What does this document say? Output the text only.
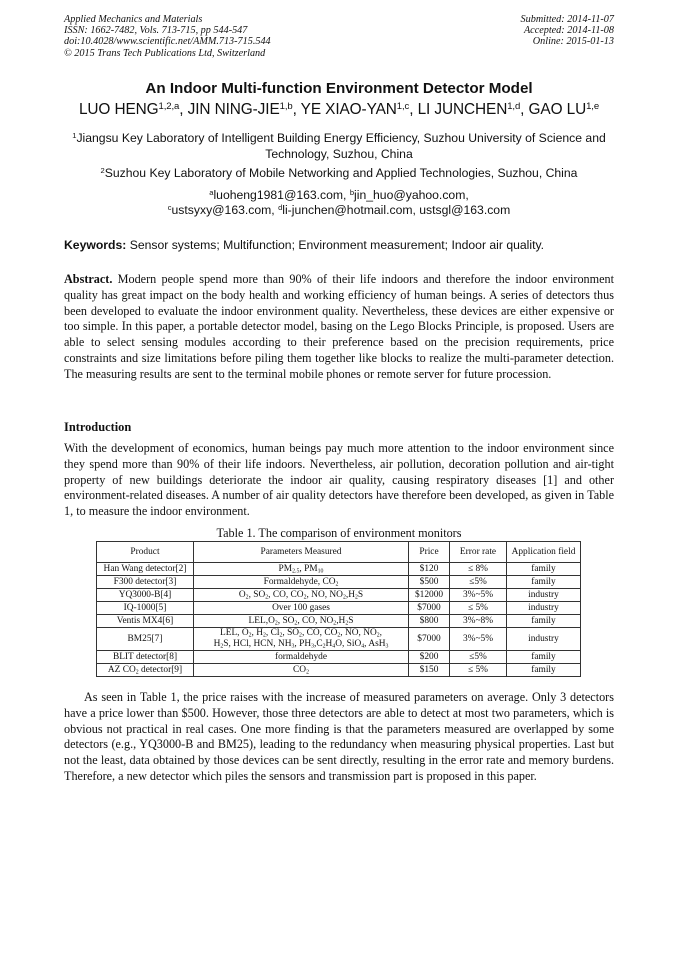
Applied Mechanics and Materials
ISSN: 1662-7482, Vols. 713-715, pp 544-547
doi:10.4028/www.scientific.net/AMM.713-715.544
© 2015 Trans Tech Publications Ltd, Switzerland
Submitted: 2014-11-07
Accepted: 2014-11-08
Online: 2015-01-13
An Indoor Multi-function Environment Detector Model
LUO HENG$^{1,2,a}$, JIN NING-JIE$^{1,b}$, YE XIAO-YAN$^{1,c}$, LI JUNCHEN$^{1,d}$, GAO LU$^{1,e}$
$^1$Jiangsu Key Laboratory of Intelligent Building Energy Efficiency, Suzhou University of Science and Technology, Suzhou, China
$^2$Suzhou Key Laboratory of Mobile Networking and Applied Technologies, Suzhou, China
$^a$luoheng1981@163.com, $^b$jin_huo@yahoo.com,
$^c$ustsyxy@163.com, $^d$li-junchen@hotmail.com, ustsgl@163.com
Keywords: Sensor systems; Multifunction; Environment measurement; Indoor air quality.
Abstract. Modern people spend more than 90% of their life indoors and therefore the indoor environment quality has great impact on the body health and working efficiency of human beings. A series of detectors thus been developed to evaluate the indoor environment quality. Nevertheless, these devices are either expensive or too simple. In this paper, a portable detector model, basing on the Lego Blocks Principle, is proposed. Users are able to select sensing modules according to their preference based on the precision requirements, price constraints and size limitations before piling them together like blocks to realize the multi-parameter detection. The measuring results are sent to the terminal mobile phones or remote server for future procession.
Introduction
With the development of economics, human beings pay much more attention to the indoor environment since they spend more than 90% of their life indoors. Nevertheless, air pollution, decoration pollution and air-tight property of new buildings deteriorate the indoor air quality, causing respiratory diseases [1] and other environment-related diseases. A number of air quality detectors have therefore been developed, as given in Table 1, to measure the indoor environment.
Table 1. The comparison of environment monitors
Product	Parameters Measured	Price	Error rate	Application field
Han Wang detector[2]	$PM_{2.5}$, $PM_{10}$	$120	≤ 8%	family
F300 detector[3]	Formaldehyde, $CO_2$	$500	≤5%	family
YQ3000-B[4]	$O_2$, $SO_2$, CO, $CO_2$, NO, $NO_2,H_2S$	$12000	3%~5%	industry
IQ-1000[5]	Over 100 gases	$7000	≤ 5%	industry
Ventis MX4[6]	$LEL,O_2$, $SO_2$, CO, $NO_2,H_2S$	$800	3%~8%	family
BM25[7]	LEL, $O_2$, $H_2$, $Cl_2$, $SO_2$, CO, $CO_2$, NO, $NO_2$,
$H_2S$, HCl, HCN, $NH_3$, $PH_3,C_2H_4O$, SiO$_4$, AsH$_3$	$7000	3%~5%	industry
BLIT detector[8]	formaldehyde	$200	≤5%	family
AZ $CO_2$ detector[9]	$CO_2$	$150	≤ 5%	family
As seen in Table 1, the price raises with the increase of measured parameters on average. Only 3 detectors have a price lower than $500. However, those three detectors are able to detect at most two parameters, which is obvious not practical in real cases. One more finding is that the parameters measured are overlapped by some detectors (e.g., YQ3000-B and BM25), leading to the redundancy when measuring physical properties. Last but not the least, data obtained by those devices can be sent directly, resulting in the error rate and memory burdens. Therefore, a new detector which piles the sensors and transmission part is proposed in this paper.
